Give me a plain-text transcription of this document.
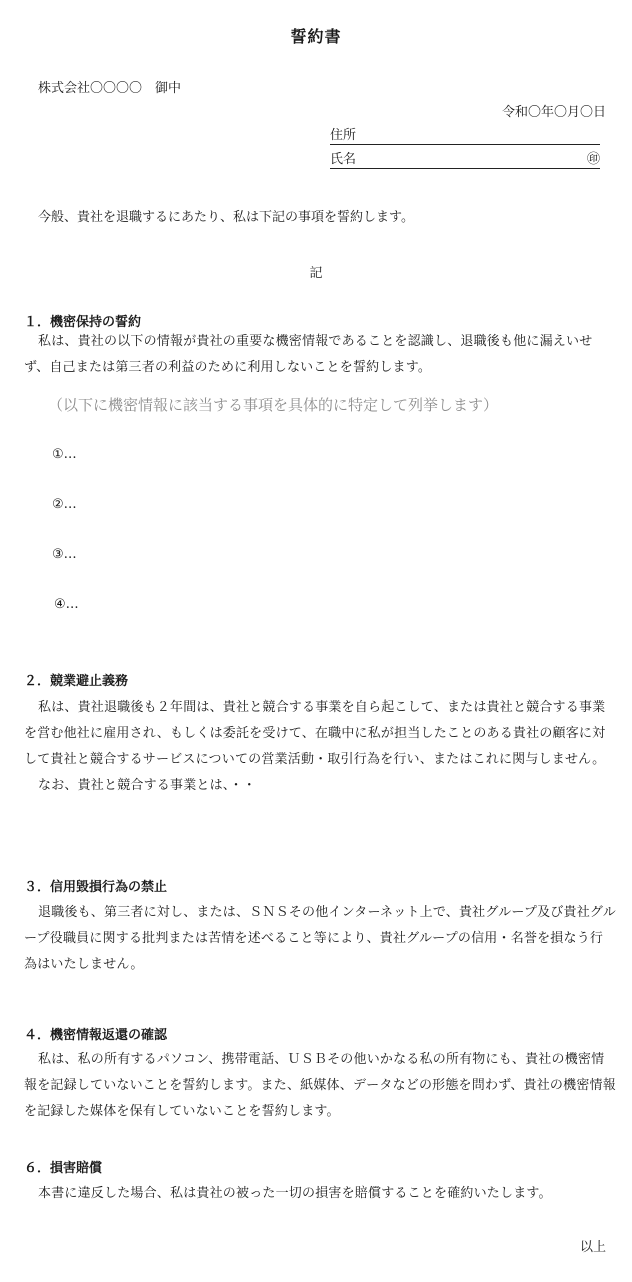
誓約書
株式会社〇〇〇〇　御中
令和〇年〇月〇日
住所
氏名	㊞
今般、貴社を退職するにあたり、私は下記の事項を誓約します。
記
１．機密保持の誓約

私は、貴社の以下の情報が貴社の重要な機密情報であることを認識し、退職後も他に漏えいせず、自己または第三者の利益のために利用しないことを誓約します。

（以下に機密情報に該当する事項を具体的に特定して列挙します）
①…
②…
③…
④…
２．競業避止義務

私は、貴社退職後も２年間は、貴社と競合する事業を自ら起こして、または貴社と競合する事業を営む他社に雇用され、もしくは委託を受けて、在職中に私が担当したことのある貴社の顧客に対して貴社と競合するサービスについての営業活動・取引行為を行い、またはこれに関与しません。

なお、貴社と競合する事業とは、・・

３．信用毀損行為の禁止

退職後も、第三者に対し、または、ＳＮＳその他インターネット上で、貴社グループ及び貴社グループ役職員に関する批判または苦情を述べること等により、貴社グループの信用・名誉を損なう行為はいたしません。

４．機密情報返還の確認

私は、私の所有するパソコン、携帯電話、ＵＳＢその他いかなる私の所有物にも、貴社の機密情報を記録していないことを誓約します。また、紙媒体、データなどの形態を問わず、貴社の機密情報を記録した媒体を保有していないことを誓約します。

６．損害賠償

本書に違反した場合、私は貴社の被った一切の損害を賠償することを確約いたします。

以上
